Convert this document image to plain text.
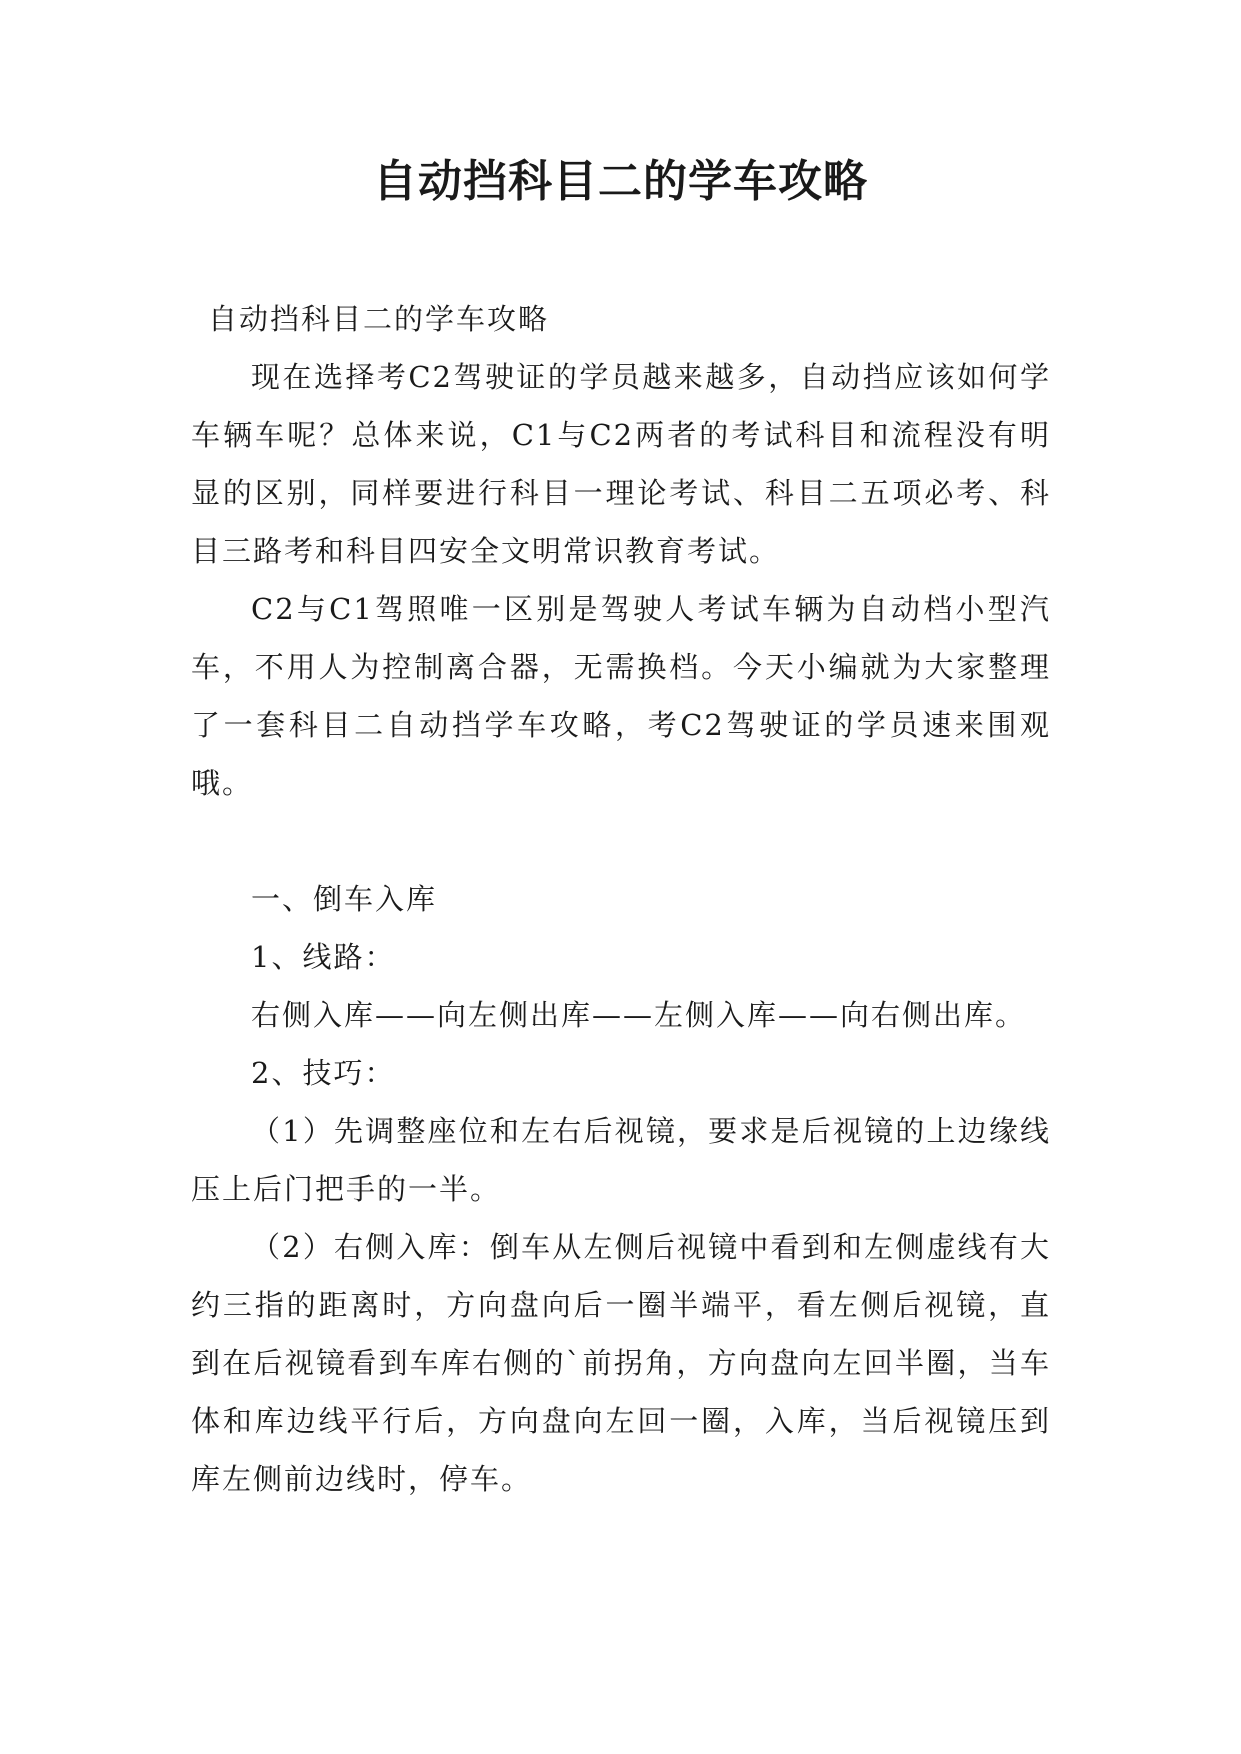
自动挡科目二的学车攻略

自动挡科目二的学车攻略

现在选择考C2驾驶证的学员越来越多，自动挡应该如何学车辆车呢？总体来说，C1与C2两者的考试科目和流程没有明显的区别，同样要进行科目一理论考试、科目二五项必考、科目三路考和科目四安全文明常识教育考试。

C2与C1驾照唯一区别是驾驶人考试车辆为自动档小型汽车，不用人为控制离合器，无需换档。今天小编就为大家整理了一套科目二自动挡学车攻略，考C2驾驶证的学员速来围观哦。

一、倒车入库

1、线路：

右侧入库——向左侧出库——左侧入库——向右侧出库。

2、技巧：

（1）先调整座位和左右后视镜，要求是后视镜的上边缘线压上后门把手的一半。

（2）右侧入库：倒车从左侧后视镜中看到和左侧虚线有大约三指的距离时，方向盘向后一圈半端平，看左侧后视镜，直到在后视镜看到车库右侧的`前拐角，方向盘向左回半圈，当车体和库边线平行后，方向盘向左回一圈，入库，当后视镜压到库左侧前边线时，停车。
